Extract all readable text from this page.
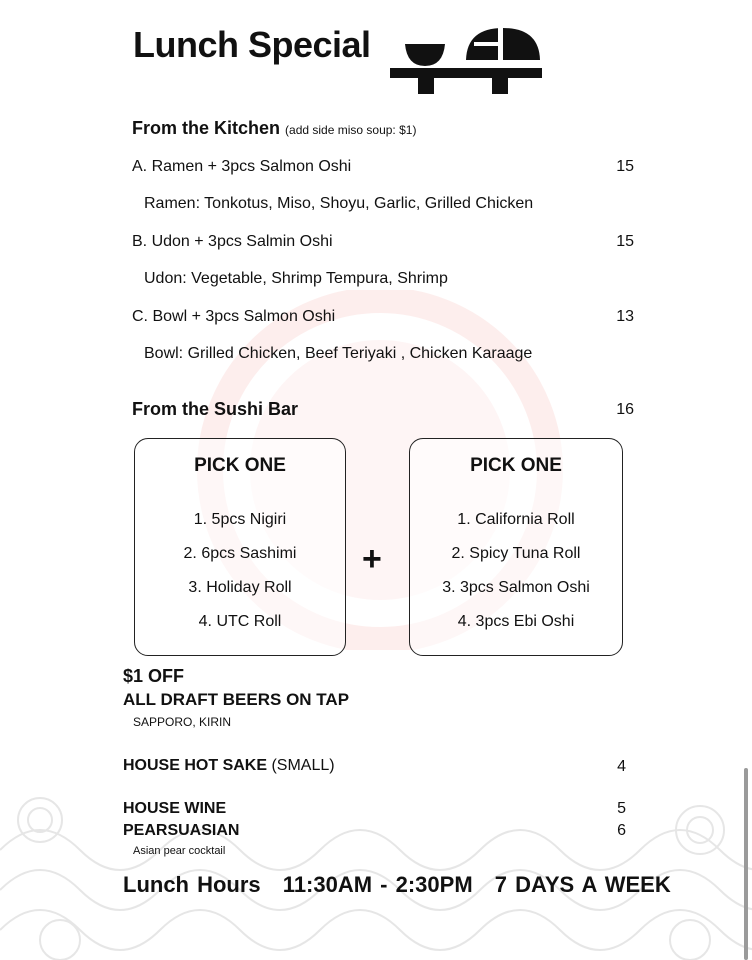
Lunch Special
From the Kitchen (add side miso soup: $1)
A. Ramen + 3pcs Salmon Oshi	15
Ramen: Tonkotus, Miso, Shoyu, Garlic, Grilled Chicken
B. Udon + 3pcs Salmin Oshi	15
Udon: Vegetable, Shrimp Tempura, Shrimp
C. Bowl + 3pcs Salmon Oshi	13
Bowl: Grilled Chicken, Beef Teriyaki , Chicken Karaage
From the Sushi Bar	16
PICK ONE
1. 5pcs Nigiri
2. 6pcs Sashimi
3. Holiday Roll
4. UTC Roll
+
PICK ONE
1. California Roll
2. Spicy Tuna Roll
3. 3pcs Salmon Oshi
4. 3pcs Ebi Oshi
$1 OFF
ALL DRAFT BEERS ON TAP
SAPPORO, KIRIN
HOUSE HOT SAKE (SMALL)	4
HOUSE WINE	5
PEARSUASIAN	6
Asian pear cocktail
Lunch Hours 11:30AM - 2:30PM 7 DAYS A WEEK
